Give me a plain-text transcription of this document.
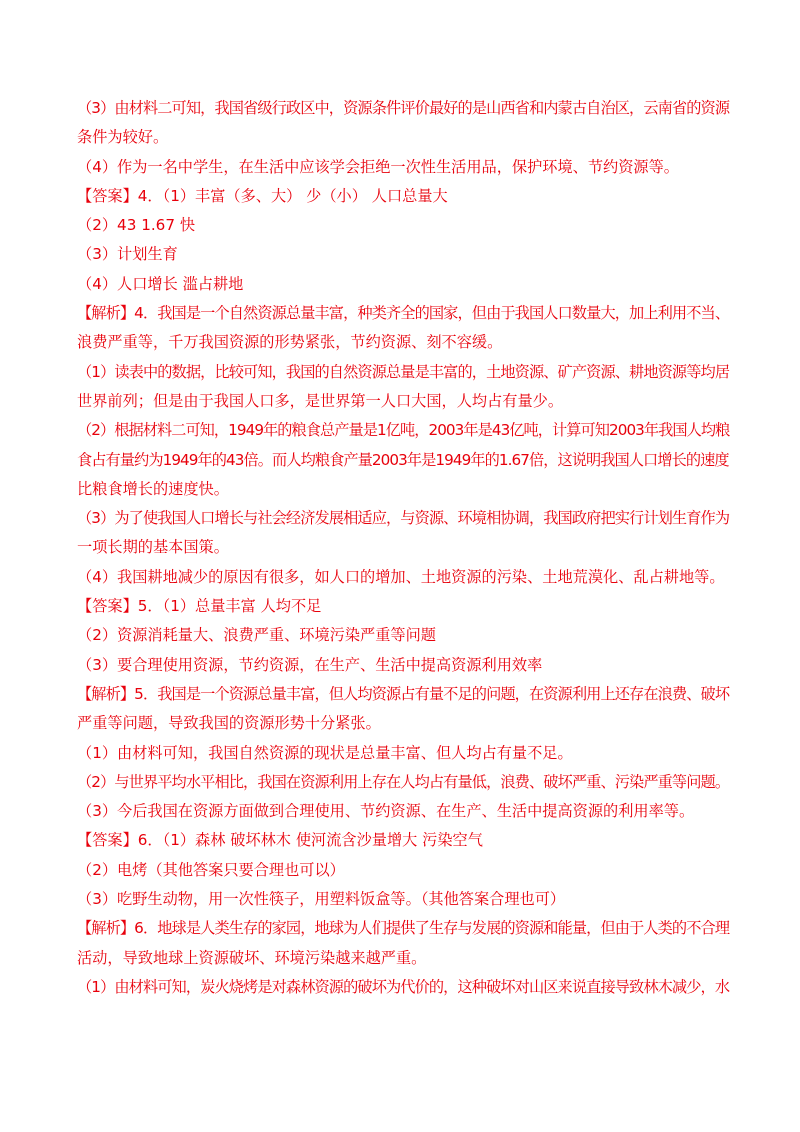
（3）由材料二可知，我国省级行政区中，资源条件评价最好的是山西省和内蒙古自治区，云南省的资源
条件为较好。
（4）作为一名中学生，在生活中应该学会拒绝一次性生活用品，保护环境、节约资源等。
【答案】4．（1）丰富（多、大） 少（小） 人口总量大
（2）43 1.67 快
（3）计划生育
（4）人口增长 滥占耕地
【解析】4．我国是一个自然资源总量丰富，种类齐全的国家，但由于我国人口数量大，加上利用不当、
浪费严重等，千万我国资源的形势紧张，节约资源、刻不容缓。
（1）读表中的数据，比较可知，我国的自然资源总量是丰富的，土地资源、矿产资源、耕地资源等均居
世界前列；但是由于我国人口多，是世界第一人口大国，人均占有量少。
（2）根据材料二可知，1949年的粮食总产量是1亿吨，2003年是43亿吨，计算可知2003年我国人均粮
食占有量约为1949年的43倍。而人均粮食产量2003年是1949年的1.67倍，这说明我国人口增长的速度
比粮食增长的速度快。
（3）为了使我国人口增长与社会经济发展相适应，与资源、环境相协调，我国政府把实行计划生育作为
一项长期的基本国策。
（4）我国耕地减少的原因有很多，如人口的增加、土地资源的污染、土地荒漠化、乱占耕地等。
【答案】5．（1）总量丰富 人均不足
（2）资源消耗量大、浪费严重、环境污染严重等问题
（3）要合理使用资源，节约资源，在生产、生活中提高资源利用效率
【解析】5．我国是一个资源总量丰富，但人均资源占有量不足的问题，在资源利用上还存在浪费、破坏
严重等问题，导致我国的资源形势十分紧张。
（1）由材料可知，我国自然资源的现状是总量丰富、但人均占有量不足。
（2）与世界平均水平相比，我国在资源利用上存在人均占有量低，浪费、破坏严重、污染严重等问题。
（3）今后我国在资源方面做到合理使用、节约资源、在生产、生活中提高资源的利用率等。
【答案】6．（1）森林 破坏林木 使河流含沙量增大 污染空气
（2）电烤（其他答案只要合理也可以）
（3）吃野生动物，用一次性筷子，用塑料饭盒等。（其他答案合理也可）
【解析】6．地球是人类生存的家园，地球为人们提供了生存与发展的资源和能量，但由于人类的不合理
活动，导致地球上资源破坏、环境污染越来越严重。
（1）由材料可知，炭火烧烤是对森林资源的破坏为代价的，这种破坏对山区来说直接导致林木减少，水
